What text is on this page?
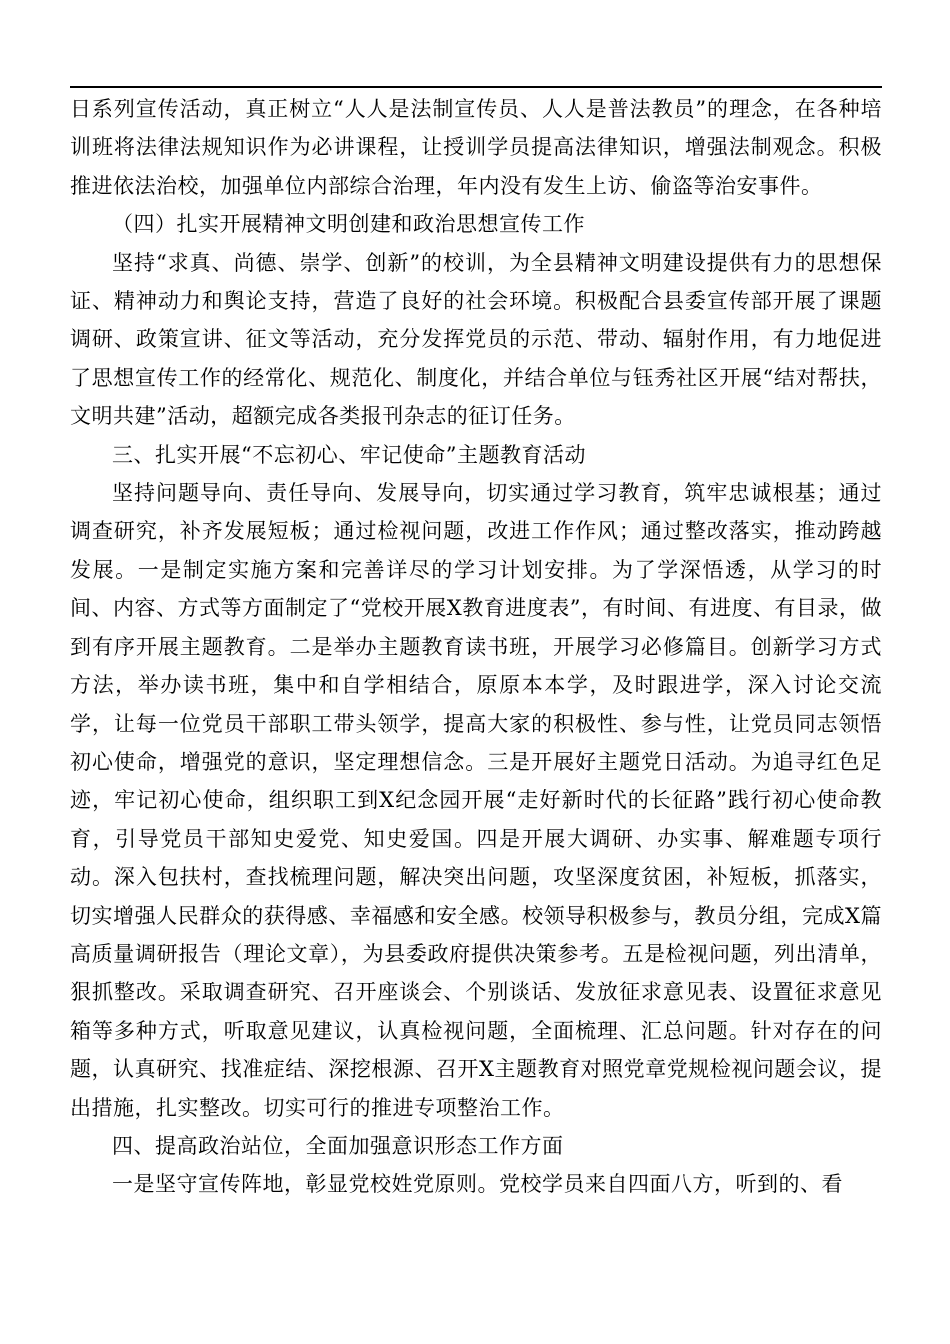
日系列宣传活动，真正树立“人人是法制宣传员、人人是普法教员”的理念，在各种培训班将法律法规知识作为必讲课程，让授训学员提高法律知识，增强法制观念。积极推进依法治校，加强单位内部综合治理，年内没有发生上访、偷盗等治安事件。

（四）扎实开展精神文明创建和政治思想宣传工作

坚持“求真、尚德、崇学、创新”的校训，为全县精神文明建设提供有力的思想保证、精神动力和舆论支持，营造了良好的社会环境。积极配合县委宣传部开展了课题调研、政策宣讲、征文等活动，充分发挥党员的示范、带动、辐射作用，有力地促进了思想宣传工作的经常化、规范化、制度化，并结合单位与钰秀社区开展“结对帮扶，文明共建”活动，超额完成各类报刊杂志的征订任务。

三、扎实开展“不忘初心、牢记使命”主题教育活动

坚持问题导向、责任导向、发展导向，切实通过学习教育，筑牢忠诚根基；通过调查研究，补齐发展短板；通过检视问题，改进工作作风；通过整改落实，推动跨越发展。一是制定实施方案和完善详尽的学习计划安排。为了学深悟透，从学习的时间、内容、方式等方面制定了“党校开展X教育进度表”，有时间、有进度、有目录，做到有序开展主题教育。二是举办主题教育读书班，开展学习必修篇目。创新学习方式方法，举办读书班，集中和自学相结合，原原本本学，及时跟进学，深入讨论交流学，让每一位党员干部职工带头领学，提高大家的积极性、参与性，让党员同志领悟初心使命，增强党的意识，坚定理想信念。三是开展好主题党日活动。为追寻红色足迹，牢记初心使命，组织职工到X纪念园开展“走好新时代的长征路”践行初心使命教育，引导党员干部知史爱党、知史爱国。四是开展大调研、办实事、解难题专项行动。深入包扶村，查找梳理问题，解决突出问题，攻坚深度贫困，补短板，抓落实，切实增强人民群众的获得感、幸福感和安全感。校领导积极参与，教员分组，完成X篇高质量调研报告（理论文章），为县委政府提供决策参考。五是检视问题，列出清单，狠抓整改。采取调查研究、召开座谈会、个别谈话、发放征求意见表、设置征求意见箱等多种方式，听取意见建议，认真检视问题，全面梳理、汇总问题。针对存在的问题，认真研究、找准症结、深挖根源、召开X主题教育对照党章党规检视问题会议，提出措施，扎实整改。切实可行的推进专项整治工作。

四、提高政治站位，全面加强意识形态工作方面

一是坚守宣传阵地，彰显党校姓党原则。党校学员来自四面八方，听到的、看
